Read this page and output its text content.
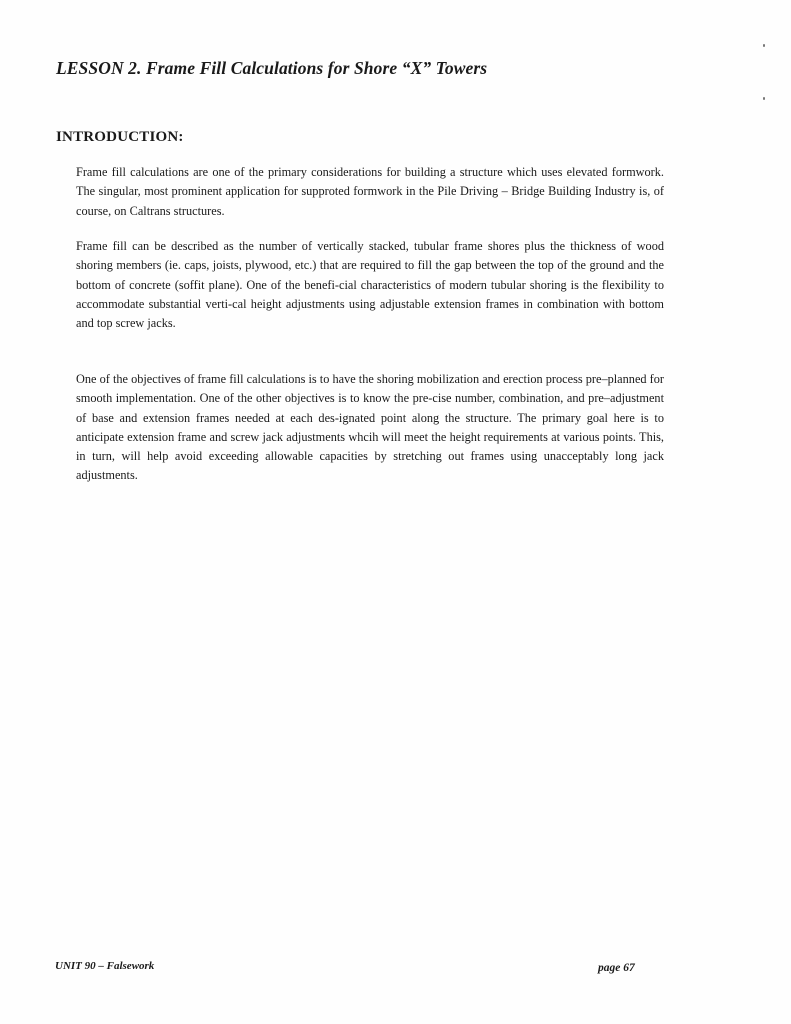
LESSON 2. Frame Fill Calculations for Shore “X” Towers
INTRODUCTION:

Frame fill calculations are one of the primary considerations for building a structure which uses elevated formwork. The singular, most prominent application for supproted formwork in the Pile Driving – Bridge Building Industry is, of course, on Caltrans structures.

Frame fill can be described as the number of vertically stacked, tubular frame shores plus the thickness of wood shoring members (ie. caps, joists, plywood, etc.) that are required to fill the gap between the top of the ground and the bottom of concrete (soffit plane). One of the benefi-cial characteristics of modern tubular shoring is the flexibility to accommodate substantial verti-cal height adjustments using adjustable extension frames in combination with bottom and top screw jacks.

One of the objectives of frame fill calculations is to have the shoring mobilization and erection process pre–planned for smooth implementation. One of the other objectives is to know the pre-cise number, combination, and pre–adjustment of base and extension frames needed at each des-ignated point along the structure. The primary goal here is to anticipate extension frame and screw jack adjustments whcih will meet the height requirements at various points. This, in turn, will help avoid exceeding allowable capacities by stretching out frames using unacceptably long jack adjustments.

UNIT 90 – Falsework	page 67
